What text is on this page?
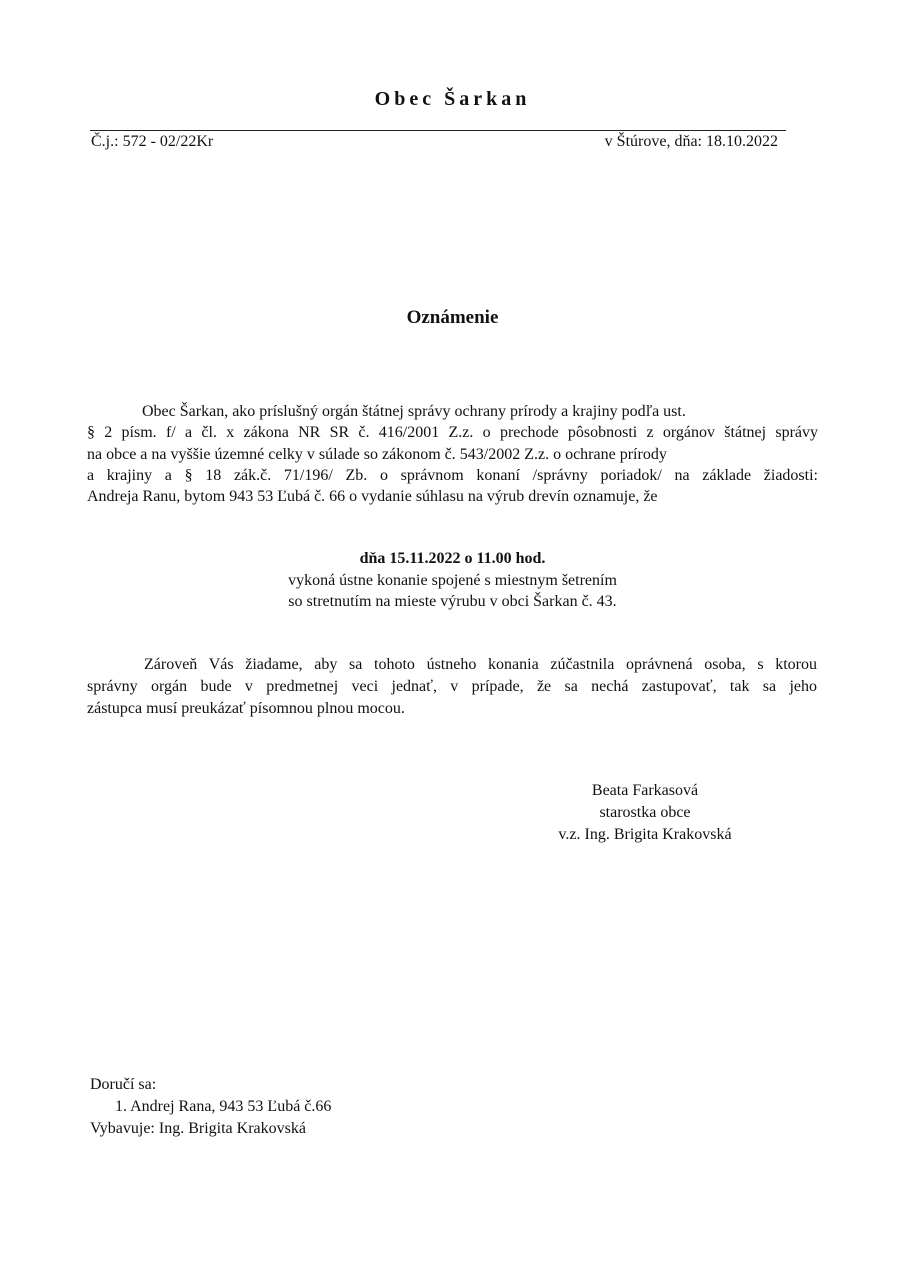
Obec Šarkan
Č.j.: 572 - 02/22Kr	v Štúrove, dňa: 18.10.2022
Oznámenie
Obec Šarkan, ako príslušný orgán štátnej správy ochrany prírody a krajiny podľa ust.
§ 2 písm. f/ a čl. x zákona NR SR č. 416/2001 Z.z. o prechode pôsobnosti z orgánov štátnej správy
na obce a na vyššie územné celky v súlade so zákonom č. 543/2002 Z.z. o ochrane prírody
a krajiny a § 18 zák.č. 71/196/ Zb. o správnom konaní /správny poriadok/ na základe žiadosti:
Andreja Ranu, bytom 943 53 Ľubá č. 66 o vydanie súhlasu na výrub drevín oznamuje, že
dňa 15.11.2022 o 11.00 hod.
vykoná ústne konanie spojené s miestnym šetrením
so stretnutím na mieste výrubu v obci Šarkan č. 43.
Zároveň Vás žiadame, aby sa tohoto ústneho konania zúčastnila oprávnená osoba, s ktorou
správny orgán bude v predmetnej veci jednať, v prípade, že sa nechá zastupovať, tak sa jeho
zástupca musí preukázať písomnou plnou mocou.
Beata Farkasová
starostka obce
v.z. Ing. Brigita Krakovská
Doručí sa:
1. Andrej Rana, 943 53 Ľubá č.66
Vybavuje: Ing. Brigita Krakovská
